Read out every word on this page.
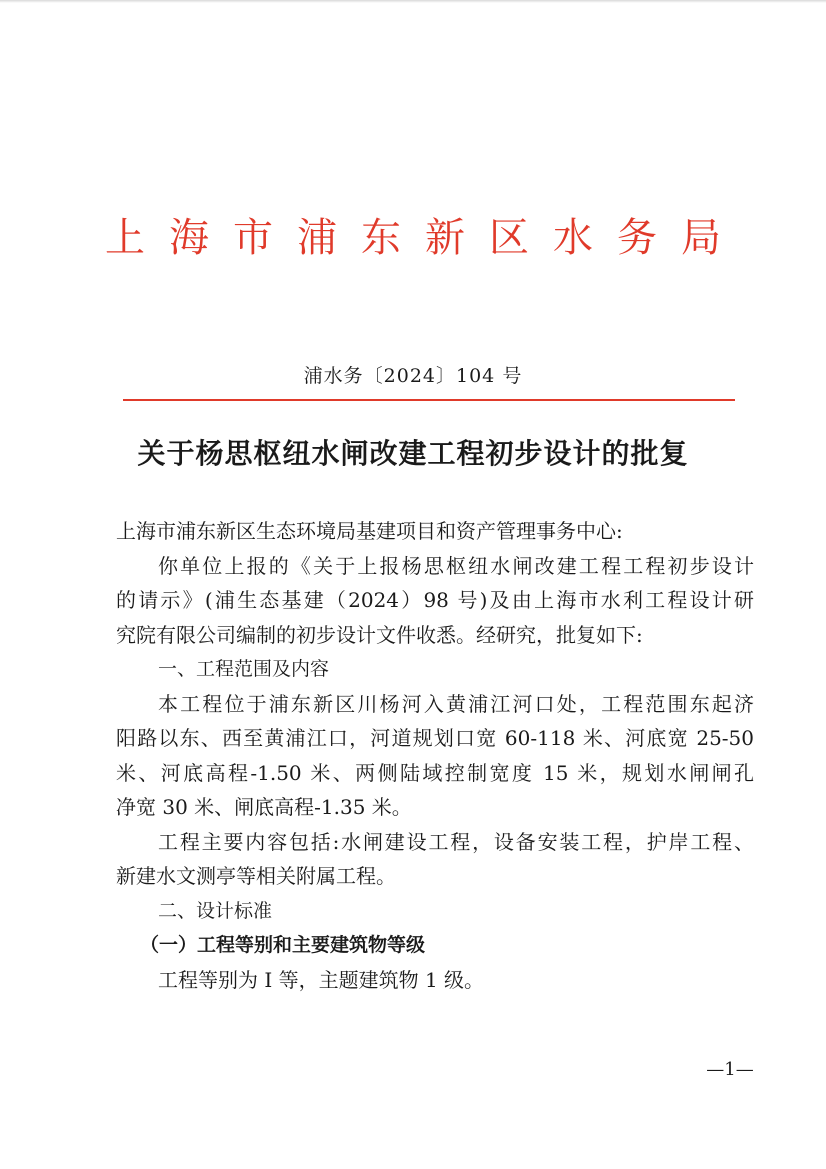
上海市浦东新区水务局
浦水务〔2024〕104 号
关于杨思枢纽水闸改建工程初步设计的批复
上海市浦东新区生态环境局基建项目和资产管理事务中心:
你单位上报的《关于上报杨思枢纽水闸改建工程工程初步设计
的请示》(浦生态基建（2024）98 号)及由上海市水利工程设计研
究院有限公司编制的初步设计文件收悉。经研究，批复如下:
一、工程范围及内容
本工程位于浦东新区川杨河入黄浦江河口处，工程范围东起济
阳路以东、西至黄浦江口，河道规划口宽 60-118 米、河底宽 25-50
米、河底高程-1.50 米、两侧陆域控制宽度 15 米，规划水闸闸孔
净宽 30 米、闸底高程-1.35 米。
工程主要内容包括:水闸建设工程，设备安装工程，护岸工程、
新建水文测亭等相关附属工程。
二、设计标准
（一）工程等别和主要建筑物等级
工程等别为 I 等，主题建筑物 1 级。
—1—
